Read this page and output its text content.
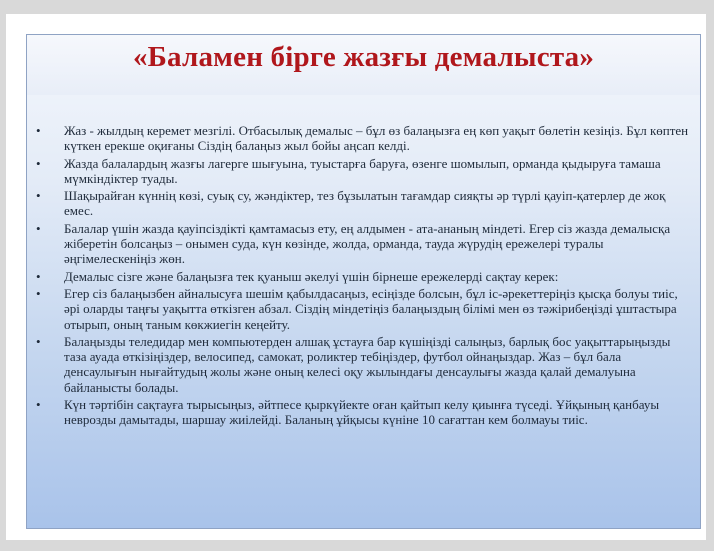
«Баламен бірге жазғы демалыста»
• Жаз - жылдың керемет мезгілі. Отбасылық демалыс – бұл өз балаңызға ең көп уақыт бөлетін кезіңіз. Бұл көптен күткен ерекше оқиғаны Сіздің балаңыз жыл бойы аңсап келді.
• Жазда балалардың жазғы лагерге шығуына, туыстарға баруға, өзенге шомылып, орманда қыдыруға тамаша мүмкіндіктер туады.
• Шақырайған күннің көзі, суық су, жәндіктер, тез бұзылатын тағамдар сияқты әр түрлі қауіп-қатерлер де жоқ емес.
• Балалар үшін жазда қауіпсіздікті қамтамасыз ету, ең алдымен - ата-ананың міндеті. Егер сіз жазда демалысқа жіберетін болсаңыз – онымен суда, күн көзінде, жолда, орманда, тауда жүрудің ережелері туралы әңгімелескеніңіз жөн.
• Демалыс сізге және балаңызға тек қуаныш әкелуі үшін бірнеше ережелерді сақтау керек:
• Егер сіз балаңызбен айналысуға шешім қабылдасаңыз, есіңізде болсын, бұл іс-әрекеттеріңіз қысқа болуы тиіс, әрі оларды таңғы уақытта өткізген абзал. Сіздің міндетіңіз балаңыздың білімі мен өз тәжірибеңізді ұштастыра отырып, оның таным көкжиегін кеңейту.
• Балаңызды теледидар мен компьютерден алшақ ұстауға бар күшіңізді салыңыз, барлық бос уақыттарыңызды таза ауада өткізіңіздер, велосипед, самокат, роликтер тебіңіздер, футбол ойнаңыздар. Жаз – бұл бала денсаулығын нығайтудың жолы және оның келесі оқу жылындағы денсаулығы жазда қалай демалуына байланысты болады.
• Күн тәртібін сақтауға тырысыңыз, әйтпесе қыркүйекте оған қайтып келу қиынға түседі. Ұйқының қанбауы неврозды дамытады, шаршау жиілейді. Баланың ұйқысы күніне 10 сағаттан кем болмауы тиіс.
